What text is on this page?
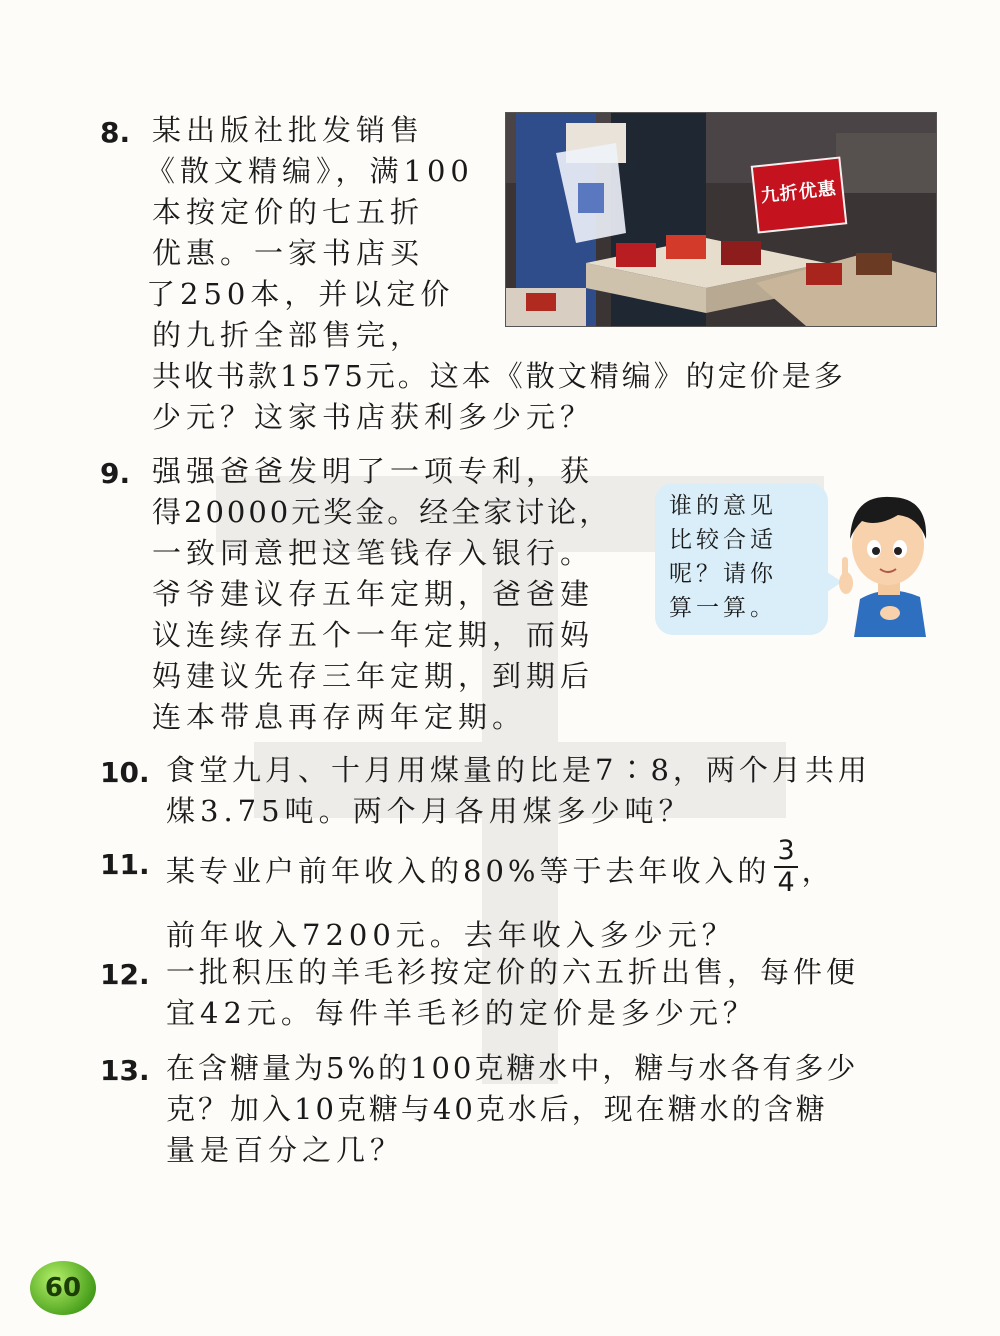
8. 某出版社批发销售
《散文精编》，满100
本按定价的七五折
优惠。一家书店买
了250本，并以定价
的九折全部售完，
共收书款1575元。这本《散文精编》的定价是多
少元？这家书店获利多少元？
九折优惠
9. 强强爸爸发明了一项专利，获
得20000元奖金。经全家讨论，
一致同意把这笔钱存入银行。
爷爷建议存五年定期，爸爸建
议连续存五个一年定期，而妈
妈建议先存三年定期，到期后
连本带息再存两年定期。
谁的意见
比较合适
呢？请你
算一算。
10. 食堂九月、十月用煤量的比是7∶8，两个月共用
煤3.75吨。两个月各用煤多少吨？
11. 某专业户前年收入的80%等于去年收入的 $\frac{3}{4}$ ，
前年收入7200元。去年收入多少元？
12. 一批积压的羊毛衫按定价的六五折出售，每件便
宜42元。每件羊毛衫的定价是多少元？
13. 在含糖量为5%的100克糖水中，糖与水各有多少
克？加入10克糖与40克水后，现在糖水的含糖
量是百分之几？
60
